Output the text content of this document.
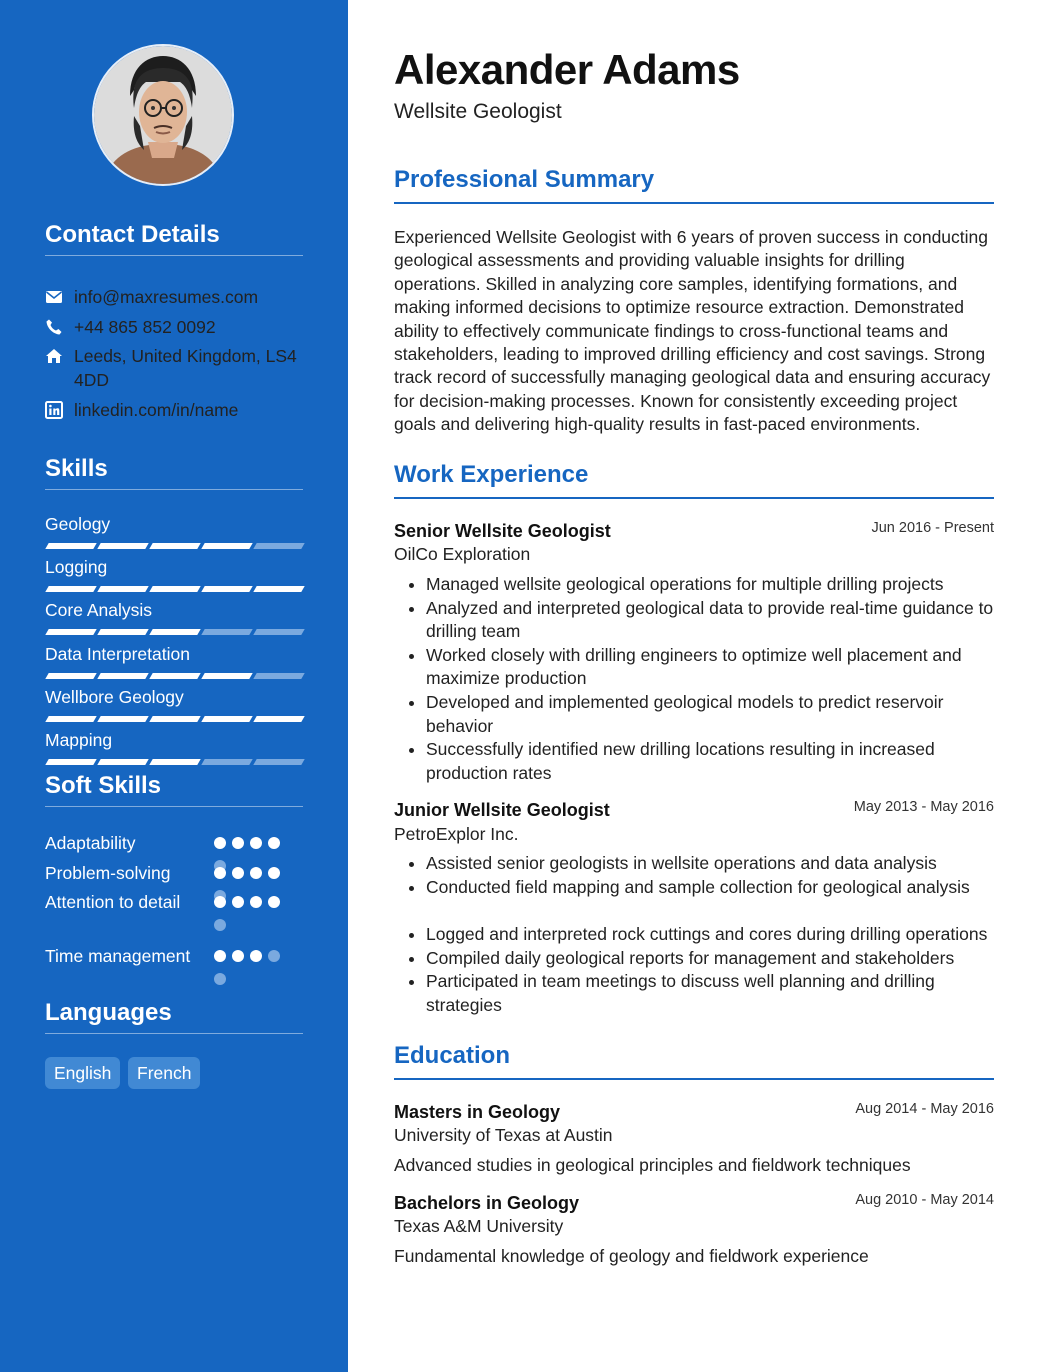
Contact Details
info@maxresumes.com
+44 865 852 0092
Leeds, United Kingdom, LS4 4DD
linkedin.com/in/name
Skills
Geology
Logging
Core Analysis
Data Interpretation
Wellbore Geology
Mapping
Soft Skills
Adaptability
Problem-solving
Attention to detail
Time management
Languages
English	French
Alexander Adams
Wellsite Geologist
Professional Summary
Experienced Wellsite Geologist with 6 years of proven success in conducting geological assessments and providing valuable insights for drilling operations. Skilled in analyzing core samples, identifying formations, and making informed decisions to optimize resource extraction. Demonstrated ability to effectively communicate findings to cross-functional teams and stakeholders, leading to improved drilling efficiency and cost savings. Strong track record of successfully managing geological data and ensuring accuracy for decision-making processes. Known for consistently exceeding project goals and delivering high-quality results in fast-paced environments.
Work Experience
Senior Wellsite Geologist	Jun 2016 - Present
OilCo Exploration
• Managed wellsite geological operations for multiple drilling projects
• Analyzed and interpreted geological data to provide real-time guidance to drilling team
• Worked closely with drilling engineers to optimize well placement and maximize production
• Developed and implemented geological models to predict reservoir behavior
• Successfully identified new drilling locations resulting in increased production rates
Junior Wellsite Geologist	May 2013 - May 2016
PetroExplor Inc.
• Assisted senior geologists in wellsite operations and data analysis
• Conducted field mapping and sample collection for geological analysis
• Logged and interpreted rock cuttings and cores during drilling operations
• Compiled daily geological reports for management and stakeholders
• Participated in team meetings to discuss well planning and drilling strategies
Education
Masters in Geology	Aug 2014 - May 2016
University of Texas at Austin
Advanced studies in geological principles and fieldwork techniques
Bachelors in Geology	Aug 2010 - May 2014
Texas A&M University
Fundamental knowledge of geology and fieldwork experience
